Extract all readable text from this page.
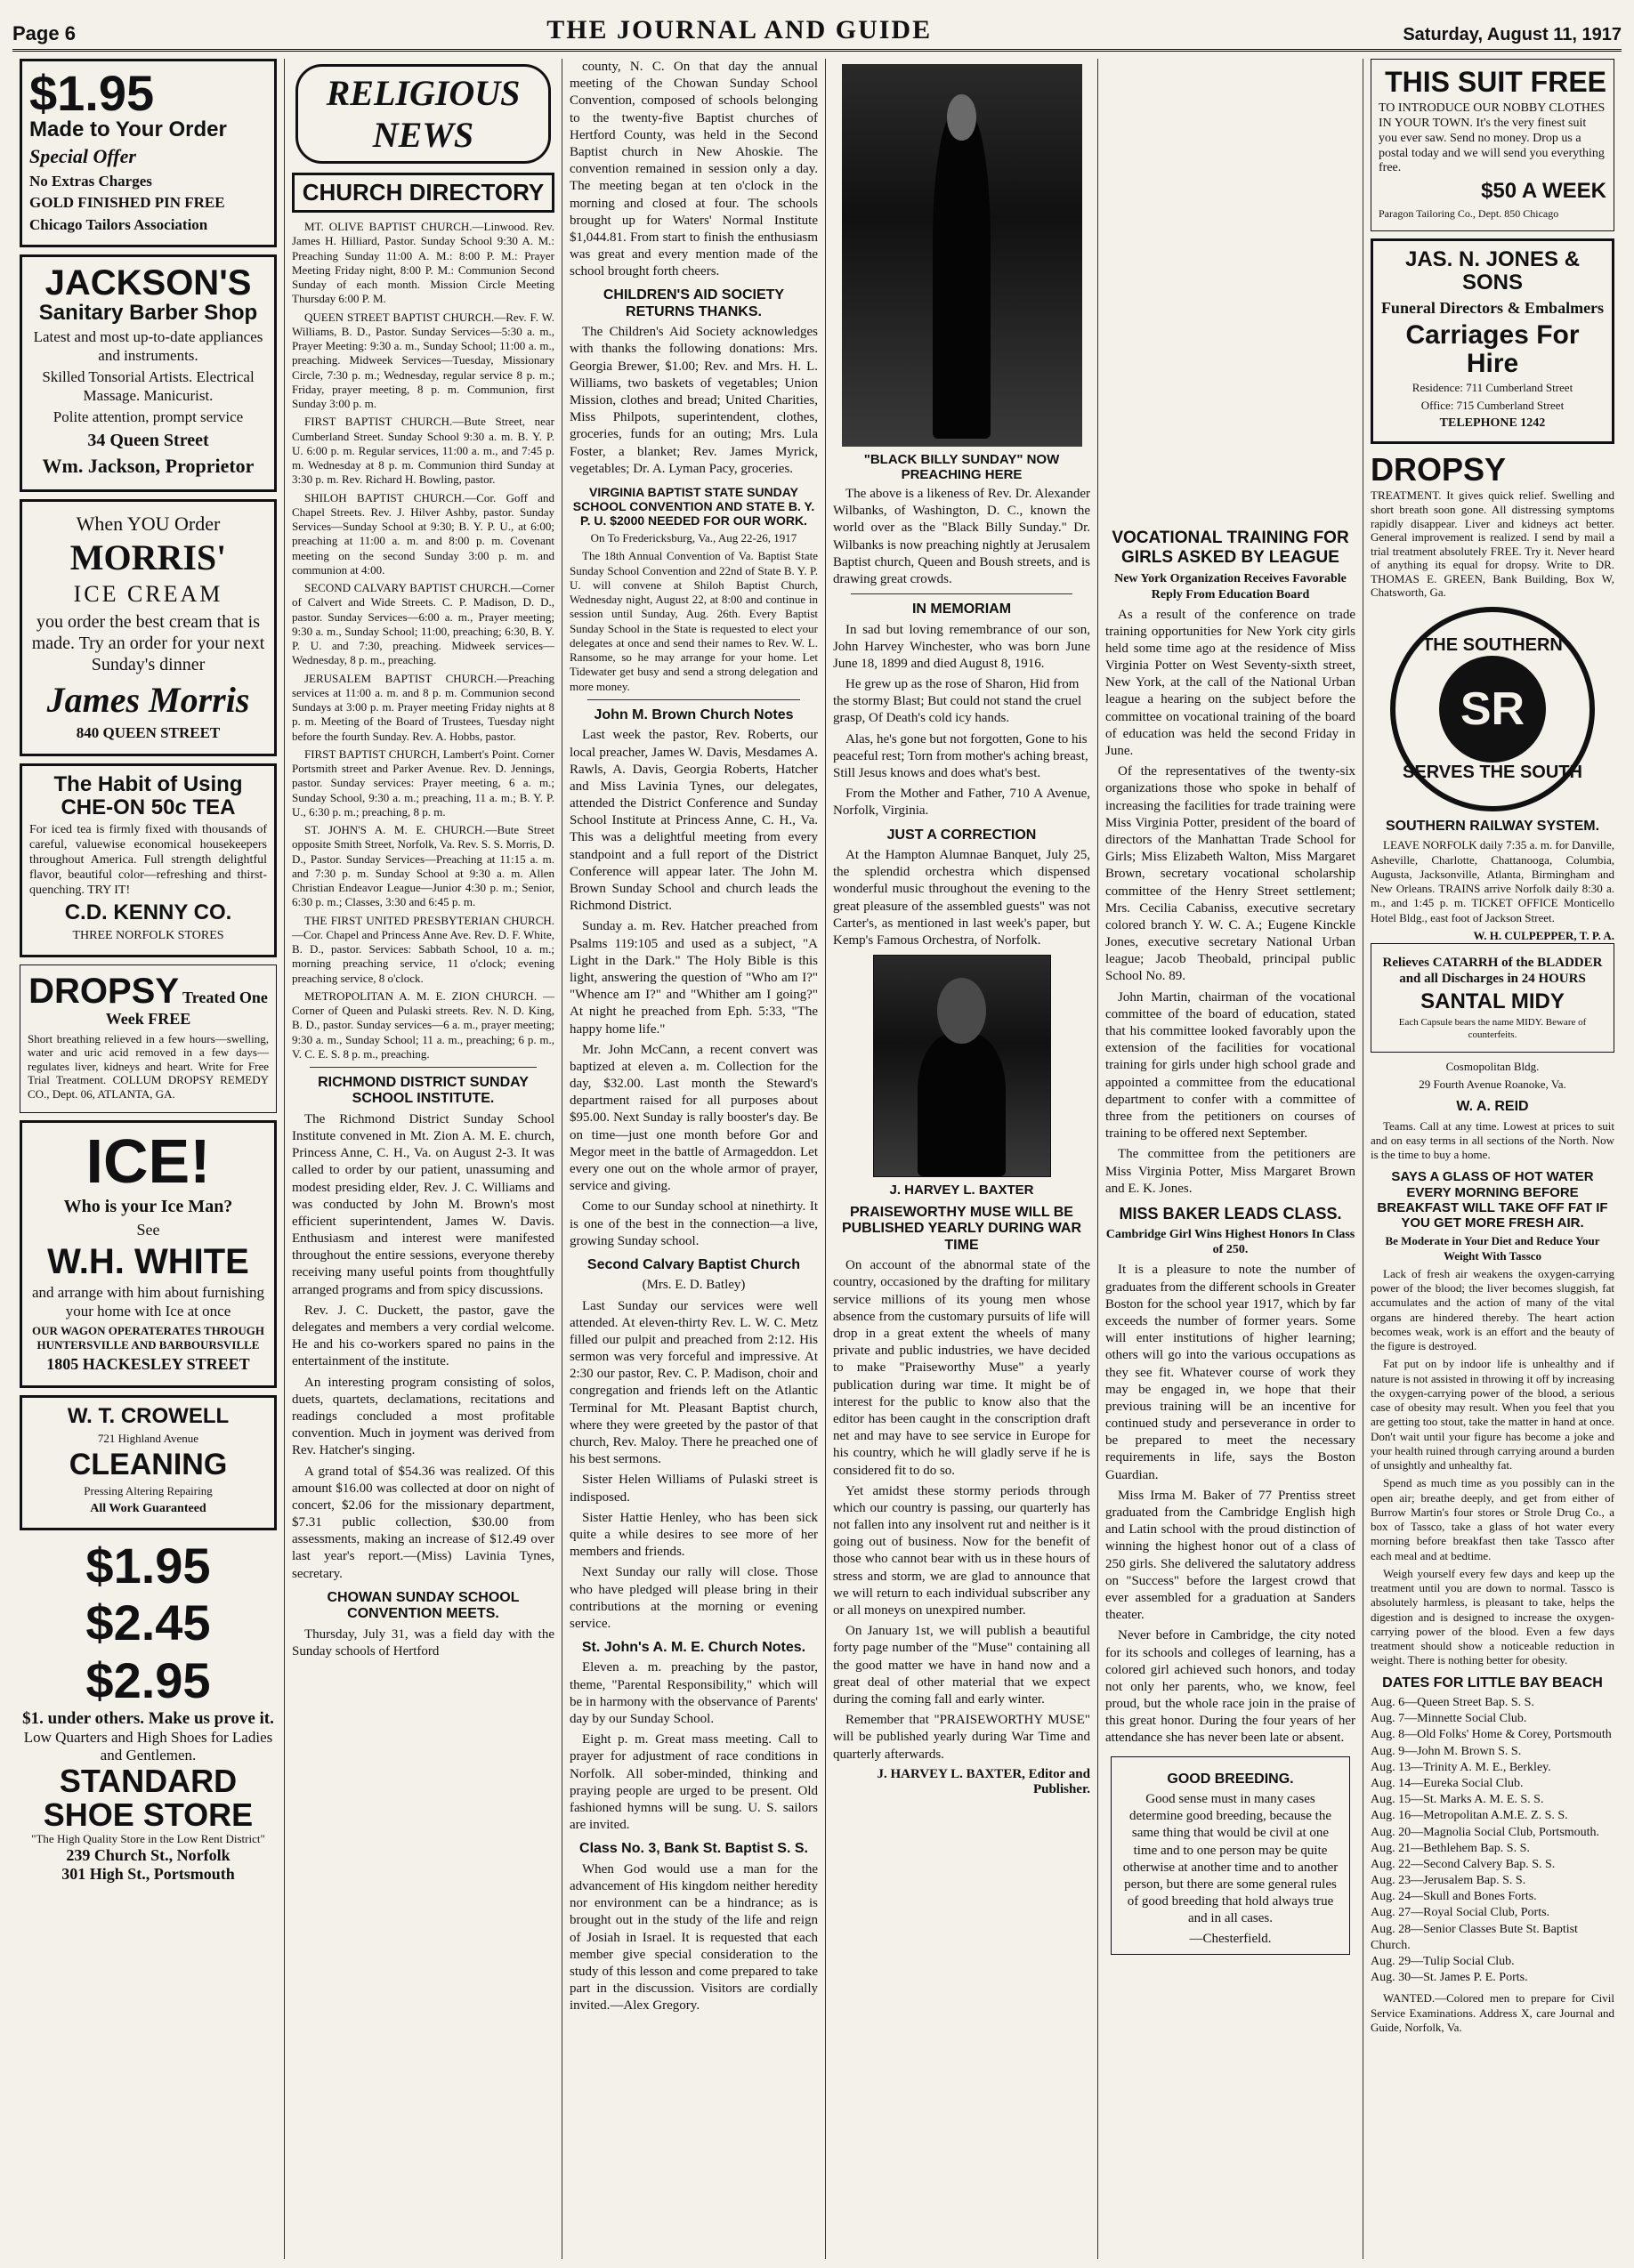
Page 6	THE JOURNAL AND GUIDE	Saturday, August 11, 1917
$1.95
Made to Your Order

Special Offer

No Extras Charges

GOLD FINISHED PIN FREE

Chicago Tailors Association

JACKSON'S
Sanitary Barber Shop

Latest and most up-to-date appliances and instruments.

Skilled Tonsorial Artists. Electrical Massage. Manicurist.

Polite attention, prompt service

34 Queen Street

Wm. Jackson, Proprietor

When YOU Order

MORRIS'

ICE CREAM

you order the best cream that is made. Try an order for your next Sunday's dinner

James Morris

840 QUEEN STREET

The Habit of Using CHE-ON 50c TEA

For iced tea is firmly fixed with thousands of careful, valuewise economical housekeepers throughout America. Full strength delightful flavor, beautiful color—refreshing and thirst-quenching. TRY IT!

C.D. KENNY CO.

THREE NORFOLK STORES

DROPSY Treated One Week FREE

Short breathing relieved in a few hours—swelling, water and uric acid removed in a few days—regulates liver, kidneys and heart. Write for Free Trial Treatment. COLLUM DROPSY REMEDY CO., Dept. 06, ATLANTA, GA.

ICE!

Who is your Ice Man?

See

W.H. WHITE

and arrange with him about furnishing your home with Ice at once

OUR WAGON OPERATERATES THROUGH HUNTERSVILLE AND BARBOURSVILLE

1805 HACKESLEY STREET

W. T. CROWELL

721 Highland Avenue

CLEANING

Pressing Altering Repairing

All Work Guaranteed

$1.95
$2.45
$2.95

$1. under others. Make us prove it.

Low Quarters and High Shoes for Ladies and Gentlemen.

STANDARD SHOE STORE

"The High Quality Store in the Low Rent District"

239 Church St., Norfolk

301 High St., Portsmouth

RELIGIOUS NEWS
CHURCH DIRECTORY

MT. OLIVE BAPTIST CHURCH.—Linwood. Rev. James H. Hilliard, Pastor. Sunday School 9:30 A. M.: Preaching Sunday 11:00 A. M.: 8:00 P. M.: Prayer Meeting Friday night, 8:00 P. M.: Communion Second Sunday of each month. Mission Circle Meeting Thursday 6:00 P. M.

QUEEN STREET BAPTIST CHURCH.—Rev. F. W. Williams, B. D., Pastor. Sunday Services—5:30 a. m., Prayer Meeting: 9:30 a. m., Sunday School; 11:00 a. m., preaching. Midweek Services—Tuesday, Missionary Circle, 7:30 p. m.; Wednesday, regular service 8 p. m.; Friday, prayer meeting, 8 p. m. Communion, first Sunday 3:00 p. m.

FIRST BAPTIST CHURCH.—Bute Street, near Cumberland Street. Sunday School 9:30 a. m. B. Y. P. U. 6:00 p. m. Regular services, 11:00 a. m., and 7:45 p. m. Wednesday at 8 p. m. Communion third Sunday at 3:30 p. m. Rev. Richard H. Bowling, pastor.

SHILOH BAPTIST CHURCH.—Cor. Goff and Chapel Streets. Rev. J. Hilver Ashby, pastor. Sunday Services—Sunday School at 9:30; B. Y. P. U., at 6:00; preaching at 11:00 a. m. and 8:00 p. m. Covenant meeting on the second Sunday 3:00 p. m. and communion at 4:00.

SECOND CALVARY BAPTIST CHURCH.—Corner of Calvert and Wide Streets. C. P. Madison, D. D., pastor. Sunday Services—6:00 a. m., Prayer meeting; 9:30 a. m., Sunday School; 11:00, preaching; 6:30, B. Y. P. U. and 7:30, preaching. Midweek services—Wednesday, 8 p. m., preaching.

JERUSALEM BAPTIST CHURCH.—Preaching services at 11:00 a. m. and 8 p. m. Communion second Sundays at 3:00 p. m. Prayer meeting Friday nights at 8 p. m. Meeting of the Board of Trustees, Tuesday night before the fourth Sunday. Rev. A. Hobbs, pastor.

FIRST BAPTIST CHURCH, Lambert's Point. Corner Portsmith street and Parker Avenue. Rev. D. Jennings, pastor. Sunday services: Prayer meeting, 6 a. m.; Sunday School, 9:30 a. m.; preaching, 11 a. m.; B. Y. P. U., 6:30 p. m.; preaching, 8 p. m.

ST. JOHN'S A. M. E. CHURCH.—Bute Street opposite Smith Street, Norfolk, Va. Rev. S. S. Morris, D. D., Pastor. Sunday Services—Preaching at 11:15 a. m. and 7:30 p. m. Sunday School at 9:30 a. m. Allen Christian Endeavor League—Junior 4:30 p. m.; Senior, 6:30 p. m.; Classes, 3:30 and 6:45 p. m.

THE FIRST UNITED PRESBYTERIAN CHURCH.—Cor. Chapel and Princess Anne Ave. Rev. D. F. White, B. D., pastor. Services: Sabbath School, 10 a. m.; morning preaching service, 11 o'clock; evening preaching service, 8 o'clock.

METROPOLITAN A. M. E. ZION CHURCH. —Corner of Queen and Pulaski streets. Rev. N. D. King, B. D., pastor. Sunday services—6 a. m., prayer meeting; 9:30 a. m., Sunday School; 11 a. m., preaching; 6 p. m., V. C. E. S. 8 p. m., preaching.

RICHMOND DISTRICT SUNDAY SCHOOL INSTITUTE.

The Richmond District Sunday School Institute convened in Mt. Zion A. M. E. church, Princess Anne, C. H., Va. on August 2-3. It was called to order by our patient, unassuming and modest presiding elder, Rev. J. C. Williams and was conducted by John M. Brown's most efficient superintendent, James W. Davis. Enthusiasm and interest were manifested throughout the entire sessions, everyone thereby receiving many useful points from thoughtfully arranged programs and from spicy discussions.

Rev. J. C. Duckett, the pastor, gave the delegates and members a very cordial welcome. He and his co-workers spared no pains in the entertainment of the institute.

An interesting program consisting of solos, duets, quartets, declamations, recitations and readings concluded a most profitable convention. Much in joyment was derived from Rev. Hatcher's singing.

A grand total of $54.36 was realized. Of this amount $16.00 was collected at door on night of concert, $2.06 for the missionary department, $7.31 public collection, $30.00 from assessments, making an increase of $12.49 over last year's report.—(Miss) Lavinia Tynes, secretary.

CHOWAN SUNDAY SCHOOL CONVENTION MEETS.

Thursday, July 31, was a field day with the Sunday schools of Hertford

county, N. C. On that day the annual meeting of the Chowan Sunday School Convention, composed of schools belonging to the twenty-five Baptist churches of Hertford County, was held in the Second Baptist church in New Ahoskie. The convention remained in session only a day. The meeting began at ten o'clock in the morning and closed at four. The schools brought up for Waters' Normal Institute $1,044.81. From start to finish the enthusiasm was great and every mention made of the school brought forth cheers.

CHILDREN'S AID SOCIETY RETURNS THANKS.

The Children's Aid Society acknowledges with thanks the following donations: Mrs. Georgia Brewer, $1.00; Rev. and Mrs. H. L. Williams, two baskets of vegetables; Union Mission, clothes and bread; United Charities, Miss Philpots, superintendent, clothes, groceries, funds for an outing; Mrs. Lula Foster, a blanket; Rev. James Myrick, vegetables; Dr. A. Lyman Pacy, groceries.

VIRGINIA BAPTIST STATE SUNDAY SCHOOL CONVENTION AND STATE B. Y. P. U. $2000 NEEDED FOR OUR WORK.

On To Fredericksburg, Va., Aug 22-26, 1917

The 18th Annual Convention of Va. Baptist State Sunday School Convention and 22nd of State B. Y. P. U. will convene at Shiloh Baptist Church, Wednesday night, August 22, at 8:00 and continue in session until Sunday, Aug. 26th. Every Baptist Sunday School in the State is requested to elect your delegates at once and send their names to Rev. W. L. Ransome, so he may arrange for your home. Let Tidewater get busy and send a strong delegation and more money.

John M. Brown Church Notes

Last week the pastor, Rev. Roberts, our local preacher, James W. Davis, Mesdames A. Rawls, A. Davis, Georgia Roberts, Hatcher and Miss Lavinia Tynes, our delegates, attended the District Conference and Sunday School Institute at Princess Anne, C. H., Va. This was a delightful meeting from every standpoint and a full report of the District Conference will appear later. The John M. Brown Sunday School and church leads the Richmond District.

Sunday a. m. Rev. Hatcher preached from Psalms 119:105 and used as a subject, "A Light in the Dark." The Holy Bible is this light, answering the question of "Who am I?" "Whence am I?" and "Whither am I going?" At night he preached from Eph. 5:33, "The happy home life."

Mr. John McCann, a recent convert was baptized at eleven a. m. Collection for the day, $32.00. Last month the Steward's department raised for all purposes about $95.00. Next Sunday is rally booster's day. Be on time—just one month before Gor and Megor meet in the battle of Armageddon. Let every one out on the whole armor of prayer, service and giving.

Come to our Sunday school at ninethirty. It is one of the best in the connection—a live, growing Sunday school.

Second Calvary Baptist Church

(Mrs. E. D. Batley)

Last Sunday our services were well attended. At eleven-thirty Rev. L. W. C. Metz filled our pulpit and preached from 2:12. His sermon was very forceful and impressive. At 2:30 our pastor, Rev. C. P. Madison, choir and congregation and friends left on the Atlantic Terminal for Mt. Pleasant Baptist church, where they were greeted by the pastor of that church, Rev. Maloy. There he preached one of his best sermons.

Sister Helen Williams of Pulaski street is indisposed.

Sister Hattie Henley, who has been sick quite a while desires to see more of her members and friends.

Next Sunday our rally will close. Those who have pledged will please bring in their contributions at the morning or evening service.

St. John's A. M. E. Church Notes.

Eleven a. m. preaching by the pastor, theme, "Parental Responsibility," which will be in harmony with the observance of Parents' day by our Sunday School.

Eight p. m. Great mass meeting. Call to prayer for adjustment of race conditions in Norfolk. All sober-minded, thinking and praying people are urged to be present. Old fashioned hymns will be sung. U. S. sailors are invited.

Class No. 3, Bank St. Baptist S. S.

When God would use a man for the advancement of His kingdom neither heredity nor environment can be a hindrance; as is brought out in the study of the life and reign of Josiah in Israel. It is requested that each member give special consideration to the study of this lesson and come prepared to take part in the discussion. Visitors are cordially invited.—Alex Gregory.

"BLACK BILLY SUNDAY" NOW PREACHING HERE

The above is a likeness of Rev. Dr. Alexander Wilbanks, of Washington, D. C., known the world over as the "Black Billy Sunday." Dr. Wilbanks is now preaching nightly at Jerusalem Baptist church, Queen and Boush streets, and is drawing great crowds.

IN MEMORIAM

In sad but loving remembrance of our son, John Harvey Winchester, who was born June June 18, 1899 and died August 8, 1916.

He grew up as the rose of Sharon, Hid from the stormy Blast; But could not stand the cruel grasp, Of Death's cold icy hands.

Alas, he's gone but not forgotten, Gone to his peaceful rest; Torn from mother's aching breast, Still Jesus knows and does what's best.

From the Mother and Father, 710 A Avenue, Norfolk, Virginia.

JUST A CORRECTION

At the Hampton Alumnae Banquet, July 25, the splendid orchestra which dispensed wonderful music throughout the evening to the great pleasure of the assembled guests" was not Carter's, as mentioned in last week's paper, but Kemp's Famous Orchestra, of Norfolk.

J. HARVEY L. BAXTER
PRAISEWORTHY MUSE WILL BE PUBLISHED YEARLY DURING WAR TIME

On account of the abnormal state of the country, occasioned by the drafting for military service millions of its young men whose absence from the customary pursuits of life will drop in a great extent the wheels of many private and public industries, we have decided to make "Praiseworthy Muse" a yearly publication during war time. It might be of interest for the public to know also that the editor has been caught in the conscription draft net and may have to see service in Europe for his country, which he will gladly serve if he is considered fit to do so.

Yet amidst these stormy periods through which our country is passing, our quarterly has not fallen into any insolvent rut and neither is it going out of business. Now for the benefit of those who cannot bear with us in these hours of stress and storm, we are glad to announce that we will return to each individual subscriber any or all moneys on unexpired number.

On January 1st, we will publish a beautiful forty page number of the "Muse" containing all the good matter we have in hand now and a great deal of other material that we expect during the coming fall and early winter.

Remember that "PRAISEWORTHY MUSE" will be published yearly during War Time and quarterly afterwards.

J. HARVEY L. BAXTER, Editor and Publisher.

VOCATIONAL TRAINING FOR GIRLS ASKED BY LEAGUE

New York Organization Receives Favorable Reply From Education Board

As a result of the conference on trade training opportunities for New York city girls held some time ago at the residence of Miss Virginia Potter on West Seventy-sixth street, New York, at the call of the National Urban league a hearing on the subject before the committee on vocational training of the board of education was held the second Friday in June.

Of the representatives of the twenty-six organizations those who spoke in behalf of increasing the facilities for trade training were Miss Virginia Potter, president of the board of directors of the Manhattan Trade School for Girls; Miss Elizabeth Walton, Miss Margaret Brown, secretary vocational scholarship committee of the Henry Street settlement; Mrs. Cecilia Cabaniss, executive secretary colored branch Y. W. C. A.; Eugene Kinckle Jones, executive secretary National Urban league; Jacob Theobald, principal public School No. 89.

John Martin, chairman of the vocational committee of the board of education, stated that his committee looked favorably upon the extension of the facilities for vocational training for girls under high school grade and appointed a committee from the educational department to confer with a committee of three from the petitioners on courses of training to be offered next September.

The committee from the petitioners are Miss Virginia Potter, Miss Margaret Brown and E. K. Jones.

MISS BAKER LEADS CLASS.

Cambridge Girl Wins Highest Honors In Class of 250.

It is a pleasure to note the number of graduates from the different schools in Greater Boston for the school year 1917, which by far exceeds the number of former years. Some will enter institutions of higher learning; others will go into the various occupations as they see fit. Whatever course of work they may be engaged in, we hope that their previous training will be an incentive for continued study and perseverance in order to be prepared to meet the necessary requirements in life, says the Boston Guardian.

Miss Irma M. Baker of 77 Prentiss street graduated from the Cambridge English high and Latin school with the proud distinction of winning the highest honor out of a class of 250 girls. She delivered the salutatory address on "Success" before the largest crowd that ever assembled for a graduation at Sanders theater.

Never before in Cambridge, the city noted for its schools and colleges of learning, has a colored girl achieved such honors, and today not only her parents, who, we know, feel proud, but the whole race join in the praise of this great honor. During the four years of her attendance she has never been late or absent.

GOOD BREEDING.

Good sense must in many cases determine good breeding, because the same thing that would be civil at one time and to one person may be quite otherwise at another time and to another person, but there are some general rules of good breeding that hold always true and in all cases.

—Chesterfield.

THIS SUIT FREE

TO INTRODUCE OUR NOBBY CLOTHES IN YOUR TOWN. It's the very finest suit you ever saw. Send no money. Drop us a postal today and we will send you everything free.

$50 A WEEK

Paragon Tailoring Co., Dept. 850 Chicago

JAS. N. JONES & SONS

Funeral Directors & Embalmers

Carriages For Hire

Residence: 711 Cumberland Street

Office: 715 Cumberland Street

TELEPHONE 1242

DROPSY

TREATMENT. It gives quick relief. Swelling and short breath soon gone. All distressing symptoms rapidly disappear. Liver and kidneys act better. General improvement is realized. I send by mail a trial treatment absolutely FREE. Try it. Never heard of anything its equal for dropsy. Write to DR. THOMAS E. GREEN, Bank Building, Box W, Chatsworth, Ga.

THE SOUTHERN
SR
SERVES THE SOUTH
SOUTHERN RAILWAY SYSTEM.

LEAVE NORFOLK daily 7:35 a. m. for Danville, Asheville, Charlotte, Chattanooga, Columbia, Augusta, Jacksonville, Atlanta, Birmingham and New Orleans. TRAINS arrive Norfolk daily 8:30 a. m., and 1:45 p. m. TICKET OFFICE Monticello Hotel Bldg., east foot of Jackson Street.

W. H. CULPEPPER, T. P. A.

Relieves CATARRH of the BLADDER and all Discharges in 24 HOURS

SANTAL MIDY

Each Capsule bears the name MIDY. Beware of counterfeits.

Cosmopolitan Bldg.

29 Fourth Avenue Roanoke, Va.

W. A. REID

Teams. Call at any time. Lowest at prices to suit and on easy terms in all sections of the North. Now is the time to buy a home.

SAYS A GLASS OF HOT WATER EVERY MORNING BEFORE BREAKFAST WILL TAKE OFF FAT IF YOU GET MORE FRESH AIR.

Be Moderate in Your Diet and Reduce Your Weight With Tassco

Lack of fresh air weakens the oxygen-carrying power of the blood; the liver becomes sluggish, fat accumulates and the action of many of the vital organs are hindered thereby. The heart action becomes weak, work is an effort and the beauty of the figure is destroyed.

Fat put on by indoor life is unhealthy and if nature is not assisted in throwing it off by increasing the oxygen-carrying power of the blood, a serious case of obesity may result. When you feel that you are getting too stout, take the matter in hand at once. Don't wait until your figure has become a joke and your health ruined through carrying around a burden of unsightly and unhealthy fat.

Spend as much time as you possibly can in the open air; breathe deeply, and get from either of Burrow Martin's four stores or Strole Drug Co., a box of Tassco, take a glass of hot water every morning before breakfast then take Tassco after each meal and at bedtime.

Weigh yourself every few days and keep up the treatment until you are down to normal. Tassco is absolutely harmless, is pleasant to take, helps the digestion and is designed to increase the oxygen-carrying power of the blood. Even a few days treatment should show a noticeable reduction in weight. There is nothing better for obesity.

DATES FOR LITTLE BAY BEACH
Aug. 6—Queen Street Bap. S. S.
Aug. 7—Minnette Social Club.
Aug. 8—Old Folks' Home & Corey, Portsmouth
Aug. 9—John M. Brown S. S.
Aug. 13—Trinity A. M. E., Berkley.
Aug. 14—Eureka Social Club.
Aug. 15—St. Marks A. M. E. S. S.
Aug. 16—Metropolitan A.M.E. Z. S. S.
Aug. 20—Magnolia Social Club, Portsmouth.
Aug. 21—Bethlehem Bap. S. S.
Aug. 22—Second Calvery Bap. S. S.
Aug. 23—Jerusalem Bap. S. S.
Aug. 24—Skull and Bones Forts.
Aug. 27—Royal Social Club, Ports.
Aug. 28—Senior Classes Bute St. Baptist Church.
Aug. 29—Tulip Social Club.
Aug. 30—St. James P. E. Ports.

WANTED.—Colored men to prepare for Civil Service Examinations. Address X, care Journal and Guide, Norfolk, Va.
